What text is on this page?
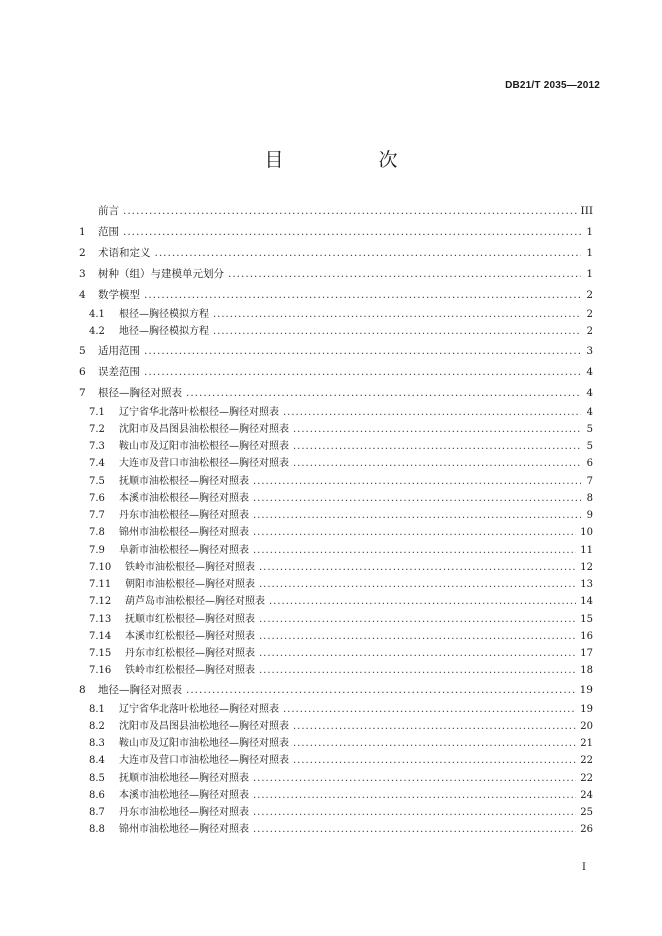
DB21/T 2035—2012
目　次
前言 .....	III
1	范围 .....	1
2	术语和定义 .....	1
3	树种（组）与建模单元划分 .....	1
4	数学模型 .....	2
4.1	根径—胸径模拟方程 .....	2
4.2	地径—胸径模拟方程 .....	2
5	适用范围 .....	3
6	误差范围 .....	4
7	根径—胸径对照表 .....	4
7.1	辽宁省华北落叶松根径—胸径对照表 .....	4
7.2	沈阳市及昌图县油松根径—胸径对照表 .....	5
7.3	鞍山市及辽阳市油松根径—胸径对照表 .....	5
7.4	大连市及营口市油松根径—胸径对照表 .....	6
7.5	抚顺市油松根径—胸径对照表 .....	7
7.6	本溪市油松根径—胸径对照表 .....	8
7.7	丹东市油松根径—胸径对照表 .....	9
7.8	锦州市油松根径—胸径对照表 .....	10
7.9	阜新市油松根径—胸径对照表 .....	11
7.10	铁岭市油松根径—胸径对照表 .....	12
7.11	朝阳市油松根径—胸径对照表 .....	13
7.12	葫芦岛市油松根径—胸径对照表 .....	14
7.13	抚顺市红松根径—胸径对照表 .....	15
7.14	本溪市红松根径—胸径对照表 .....	16
7.15	丹东市红松根径—胸径对照表 .....	17
7.16	铁岭市红松根径—胸径对照表 .....	18
8	地径—胸径对照表 .....	19
8.1	辽宁省华北落叶松地径—胸径对照表 .....	19
8.2	沈阳市及昌图县油松地径—胸径对照表 .....	20
8.3	鞍山市及辽阳市油松地径—胸径对照表 .....	21
8.4	大连市及营口市油松地径—胸径对照表 .....	22
8.5	抚顺市油松地径—胸径对照表 .....	22
8.6	本溪市油松地径—胸径对照表 .....	24
8.7	丹东市油松地径—胸径对照表 .....	25
8.8	锦州市油松地径—胸径对照表 .....	26
I
